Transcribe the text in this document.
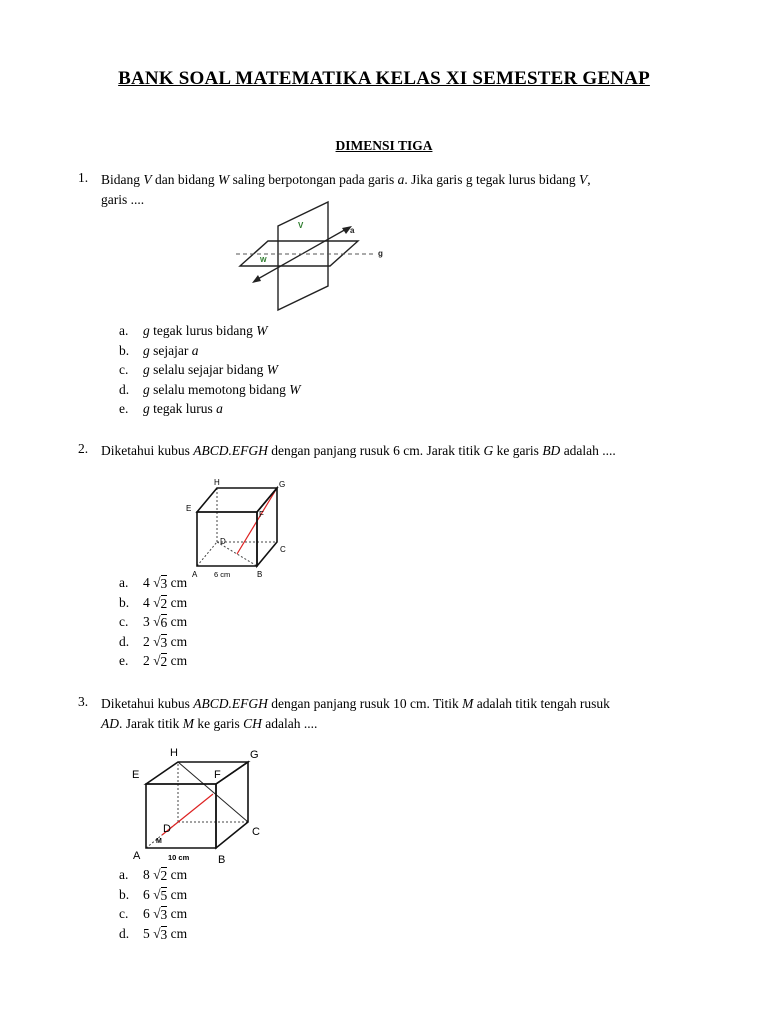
BANK SOAL MATEMATIKA KELAS XI SEMESTER GENAP
DIMENSI TIGA
1. Bidang V dan bidang W saling berpotongan pada garis a. Jika garis g tegak lurus bidang V,
garis ....
V
W
a
g
a.	g tegak lurus bidang W
b.	g sejajar a
c.	g selalu sejajar bidang W
d.	g selalu memotong bidang W
e.	g tegak lurus a
2. Diketahui kubus ABCD.EFGH dengan panjang rusuk 6 cm. Jarak titik G ke garis BD adalah ....
H	G
E
F
D
C
A	B
6 cm
a.	4
√ 3
cm
b.	4
√ 2
cm
c.	3
√ 6
cm
d.	2
√ 3
cm
e.	2
√ 2
cm
3. Diketahui kubus ABCD.EFGH dengan panjang rusuk 10 cm. Titik M adalah titik tengah rusuk
AD. Jarak titik M ke garis CH adalah ....
H	G
E	F
D
M
C
A	B
10 cm
a.	8
√ 2
cm
b.	6
√ 5
cm
c.	6
√ 3
cm
d.	5
√ 3
cm
